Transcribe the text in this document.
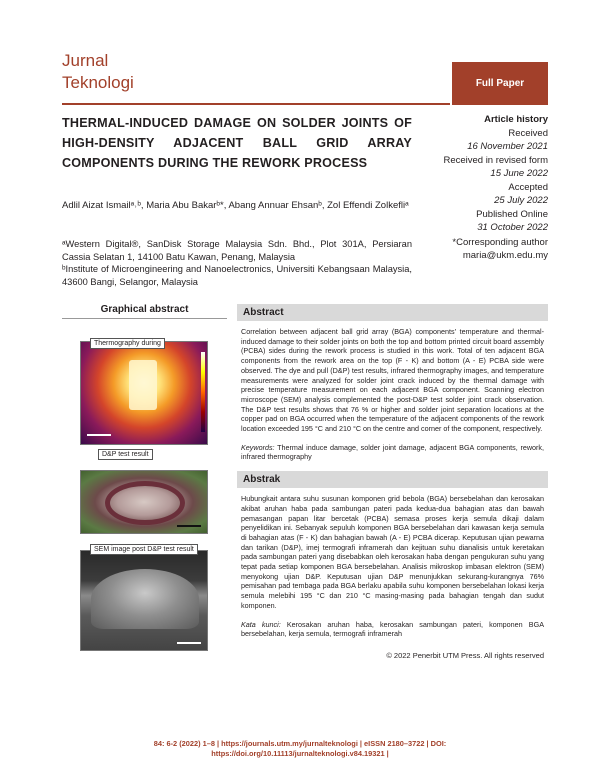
Jurnal
Teknologi	Full Paper
THERMAL-INDUCED DAMAGE ON SOLDER JOINTS OF HIGH-DENSITY ADJACENT BALL GRID ARRAY COMPONENTS DURING THE REWORK PROCESS
Adlil Aizat Ismailᵃ˒ᵇ, Maria Abu Bakarᵇ*, Abang Annuar Ehsanᵇ, Zol Effendi Zolkefliᵃ
ᵃWestern Digital®, SanDisk Storage Malaysia Sdn. Bhd., Plot 301A, Persiaran Cassia Selatan 1, 14100 Batu Kawan, Penang, Malaysia
ᵇInstitute of Microengineering and Nanoelectronics, Universiti Kebangsaan Malaysia, 43600 Bangi, Selangor, Malaysia
Article history
Received
16 November 2021
Received in revised form
15 June 2022
Accepted
25 July 2022
Published Online
31 October 2022
*Corresponding author
maria@ukm.edu.my
Graphical abstract
Thermography during
D&P test result
SEM image post D&P test result
Abstract

Correlation between adjacent ball grid array (BGA) components' temperature and thermal-induced damage to their solder joints on both the top and bottom printed circuit board assembly (PCBA) sides during the rework process is studied in this work. Total of ten adjacent BGA components from the rework area on the top (F - K) and bottom (A - E) PCBA side were observed. The dye and pull (D&P) test results, infrared thermography images, and temperature measurements were analyzed for solder joint crack induced by the thermal damage with precise temperature measurement on each adjacent BGA component. Scanning electron microscope (SEM) analysis complemented the post-D&P test solder joint crack observation. The D&P test results shows that 76 % or higher and solder joint separation locations at the copper pad on BGA occurred when the temperature of the adjacent components of the rework location exceeded 195 °C and 210 °C on the centre and corner of the component, respectively.

Keywords: Thermal induce damage, solder joint damage, adjacent BGA components, rework, infrared thermography

Abstrak

Hubungkait antara suhu susunan komponen grid bebola (BGA) bersebelahan dan kerosakan akibat aruhan haba pada sambungan pateri pada kedua-dua bahagian atas dan bawah pemasangan papan litar bercetak (PCBA) semasa proses kerja semula dikaji dalam penyelidikan ini. Sebanyak sepuluh komponen BGA bersebelahan dari kawasan kerja semula di bahagian atas (F - K) dan bahagian bawah (A - E) PCBA dicerap. Keputusan ujian pewarna dan tarikan (D&P), imej termografi inframerah dan kejituan suhu dianalisis untuk keretakan pada sambungan pateri yang disebabkan oleh kerosakan haba dengan pengukuran suhu yang tepat pada setiap komponen BGA bersebelahan. Analisis mikroskop imbasan elektron (SEM) menyokong ujian D&P. Keputusan ujian D&P menunjukkan sekurang-kurangnya 76% pemisahan pad tembaga pada BGA berlaku apabila suhu komponen bersebelahan lokasi kerja semula melebihi 195 °C dan 210 °C masing-masing pada bahagian tengah dan sudut komponen.

Kata kunci: Kerosakan aruhan haba, kerosakan sambungan pateri, komponen BGA bersebelahan, kerja semula, termografi inframerah

© 2022 Penerbit UTM Press. All rights reserved
84: 6-2 (2022) 1–8 | https://journals.utm.my/jurnalteknologi | eISSN 2180–3722 | DOI:
https://doi.org/10.11113/jurnalteknologi.v84.19321 |
